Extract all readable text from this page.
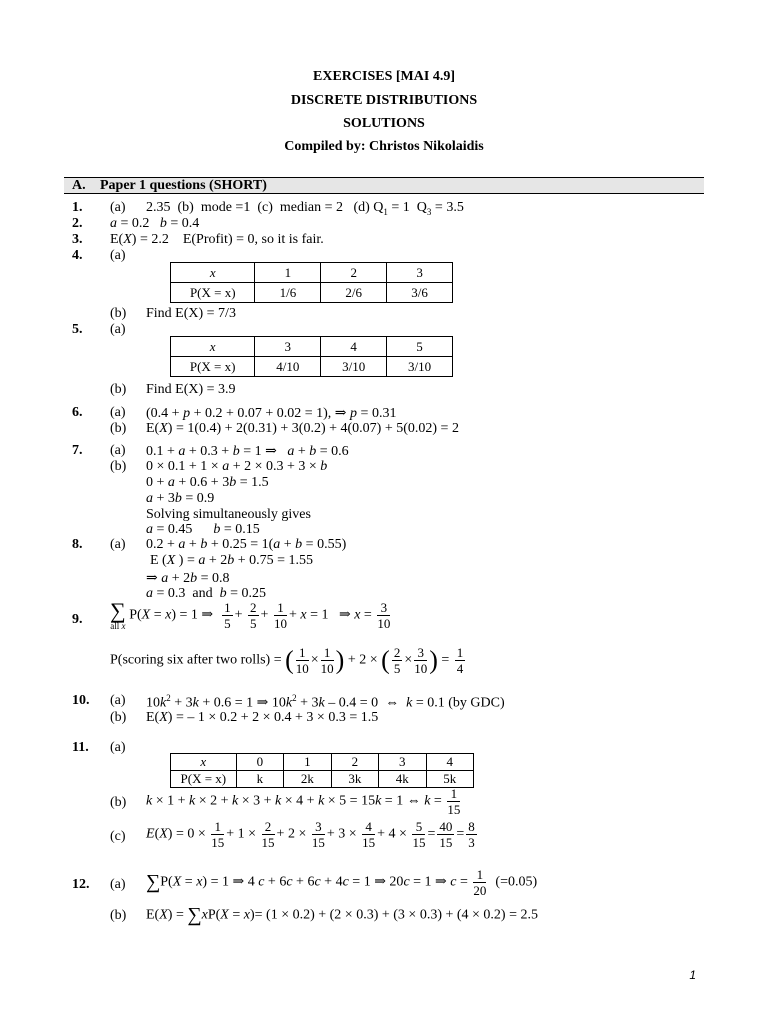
EXERCISES [MAI 4.9]
DISCRETE DISTRIBUTIONS
SOLUTIONS
Compiled by: Christos Nikolaidis
A. Paper 1 questions (SHORT)
1. (a) 2.35  (b)  mode =1  (c)  median = 2   (d) $Q_1 = 1$  $Q_3 = 3.5$
2. a = 0.2   b = 0.4
3. E(X) = 2.2    E(Profit) = 0, so it is fair.
4. (a)
x	1	2	3
P(X = x)	1/6	2/6	3/6
(b) Find E(X) = 7/3
5. (a)
x	3	4	5
P(X = x)	4/10	3/10	3/10
(b) Find E(X) = 3.9
6. (a) (0.4 + p + 0.2 + 0.07 + 0.02 = 1), ⇒ p = 0.31
(b) E(X) = 1(0.4) + 2(0.31) + 3(0.2) + 4(0.07) + 5(0.02) = 2
7. (a) 0.1 + a + 0.3 + b = 1 ⇒   a + b = 0.6
(b) 0 × 0.1 + 1 × a + 2 × 0.3 + 3 × b
0 + a + 0.6 + 3b = 1.5
a + 3b = 0.9
Solving simultaneously gives
a = 0.45      b = 0.15
8. (a) 0.2 + a + b + 0.25 = 1(a + b = 0.55)
E (X ) = a + 2b + 0.75 = 1.55
⇒ a + 2b = 0.8
a = 0.3  and  b = 0.25
9. ∑
all x
P(X = x) = 1 ⇒ $\frac{1}{5} + \frac{2}{5} + \frac{1}{10} + x = 1$   ⇒ $x = \frac{3}{10}$
P(scoring six after two rolls) = ( $\frac{1}{10} \times \frac{1}{10}$ ) + 2 × ( $\frac{2}{5} \times \frac{3}{10}$ ) = $\frac{1}{4}$
10. (a) $10k^2 + 3k + 0.6 = 1$ ⇒ $10k^2 + 3k - 0.4 = 0$  ⇔  k = 0.1 (by GDC)
(b) E(X) = – 1 × 0.2 + 2 × 0.4 + 3 × 0.3 = 1.5
11. (a)
x	0	1	2	3	4
P(X = x)	k	2k	3k	4k	5k
(b) k × 1 + k × 2 + k × 3 + k × 4 + k × 5 = 15k = 1 ⇔ $k = \frac{1}{15}$
(c) $E(X) = 0 \times \frac{1}{15} + 1 \times \frac{2}{15} + 2 \times \frac{3}{15} + 3 \times \frac{4}{15} + 4 \times \frac{5}{15} = \frac{40}{15} = \frac{8}{3}$
12. (a) ∑P(X = x) = 1 ⇒ 4 c + 6c + 6c + 4c = 1 ⇒ 20c = 1 ⇒ $c = \frac{1}{20} (=0.05)$
(b) E(X) = ∑xP(X = x)= (1 × 0.2) + (2 × 0.3) + (3 × 0.3) + (4 × 0.2) = 2.5
1
